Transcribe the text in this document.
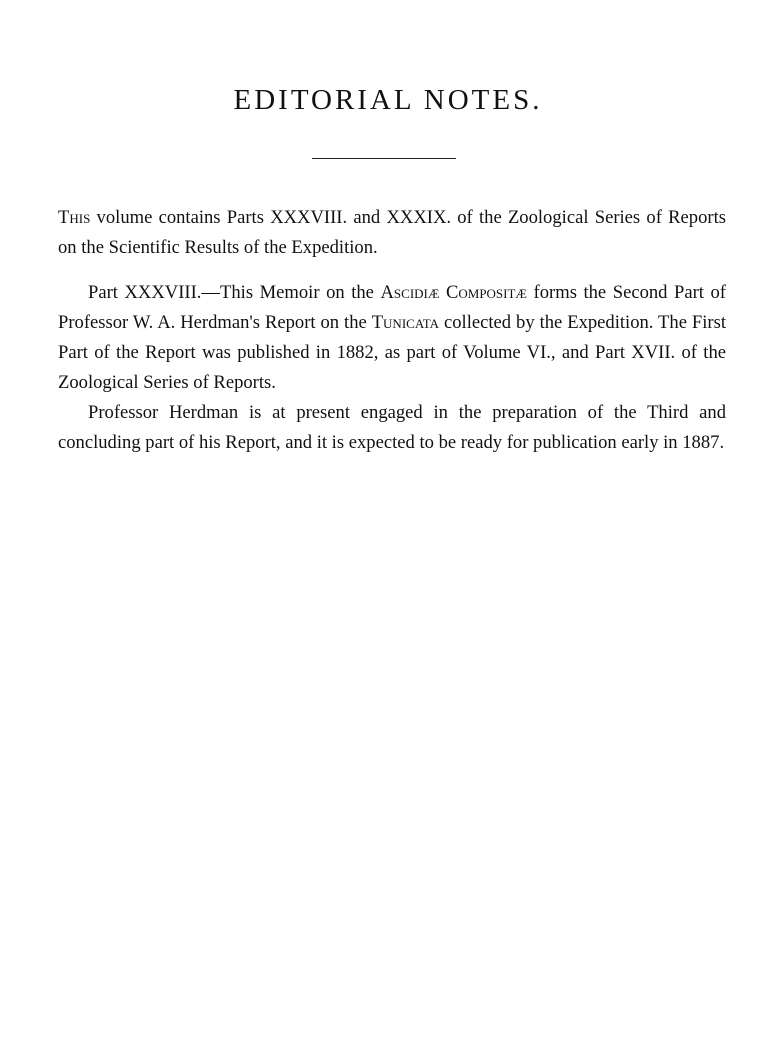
EDITORIAL NOTES.

This volume contains Parts XXXVIII. and XXXIX. of the Zoological Series of Reports on the Scientific Results of the Expedition.

Part XXXVIII.—This Memoir on the Ascidiæ Compositæ forms the Second Part of Professor W. A. Herdman's Report on the Tunicata collected by the Expedition. The First Part of the Report was published in 1882, as part of Volume VI., and Part XVII. of the Zoological Series of Reports.

Professor Herdman is at present engaged in the preparation of the Third and concluding part of his Report, and it is expected to be ready for publication early in 1887.
